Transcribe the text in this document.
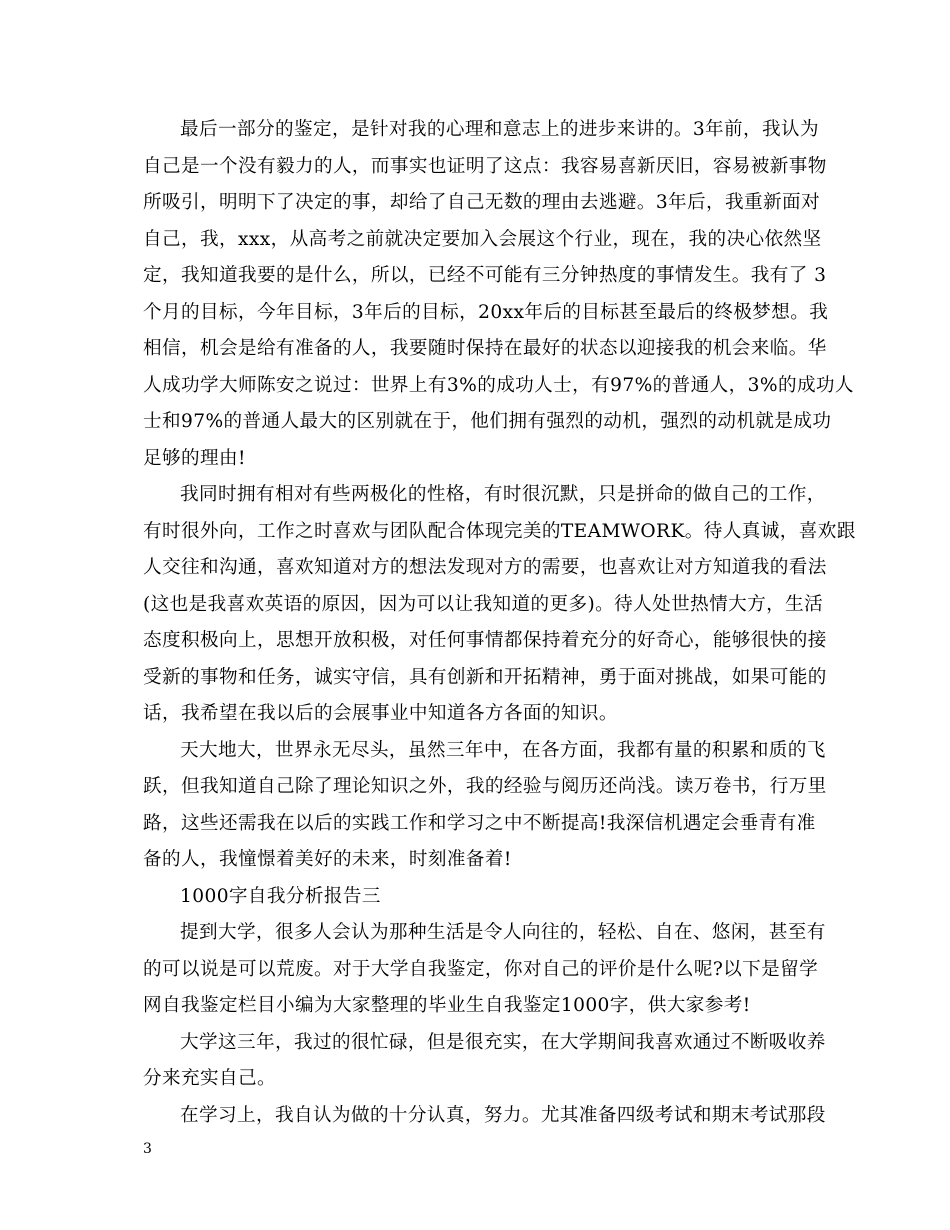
最后一部分的鉴定，是针对我的心理和意志上的进步来讲的。3年前，我认为
自己是一个没有毅力的人，而事实也证明了这点：我容易喜新厌旧，容易被新事物
所吸引，明明下了决定的事，却给了自己无数的理由去逃避。3年后，我重新面对
自己，我，xxx，从高考之前就决定要加入会展这个行业，现在，我的决心依然坚
定，我知道我要的是什么，所以，已经不可能有三分钟热度的事情发生。我有了 3
个月的目标，今年目标，3年后的目标，20xx年后的目标甚至最后的终极梦想。我
相信，机会是给有准备的人，我要随时保持在最好的状态以迎接我的机会来临。华
人成功学大师陈安之说过：世界上有3%的成功人士，有97%的普通人，3%的成功人
士和97%的普通人最大的区别就在于，他们拥有强烈的动机，强烈的动机就是成功
足够的理由!
我同时拥有相对有些两极化的性格，有时很沉默，只是拼命的做自己的工作，
有时很外向，工作之时喜欢与团队配合体现完美的TEAMWORK。待人真诚，喜欢跟
人交往和沟通，喜欢知道对方的想法发现对方的需要，也喜欢让对方知道我的看法
(这也是我喜欢英语的原因，因为可以让我知道的更多)。待人处世热情大方，生活
态度积极向上，思想开放积极，对任何事情都保持着充分的好奇心，能够很快的接
受新的事物和任务，诚实守信，具有创新和开拓精神，勇于面对挑战，如果可能的
话，我希望在我以后的会展事业中知道各方各面的知识。
天大地大，世界永无尽头，虽然三年中，在各方面，我都有量的积累和质的飞
跃，但我知道自己除了理论知识之外，我的经验与阅历还尚浅。读万卷书，行万里
路，这些还需我在以后的实践工作和学习之中不断提高!我深信机遇定会垂青有准
备的人，我憧憬着美好的未来，时刻准备着!
1000字自我分析报告三
提到大学，很多人会认为那种生活是令人向往的，轻松、自在、悠闲，甚至有
的可以说是可以荒废。对于大学自我鉴定，你对自己的评价是什么呢?以下是留学
网自我鉴定栏目小编为大家整理的毕业生自我鉴定1000字，供大家参考!
大学这三年，我过的很忙碌，但是很充实，在大学期间我喜欢通过不断吸收养
分来充实自己。
在学习上，我自认为做的十分认真，努力。尤其准备四级考试和期末考试那段
3
